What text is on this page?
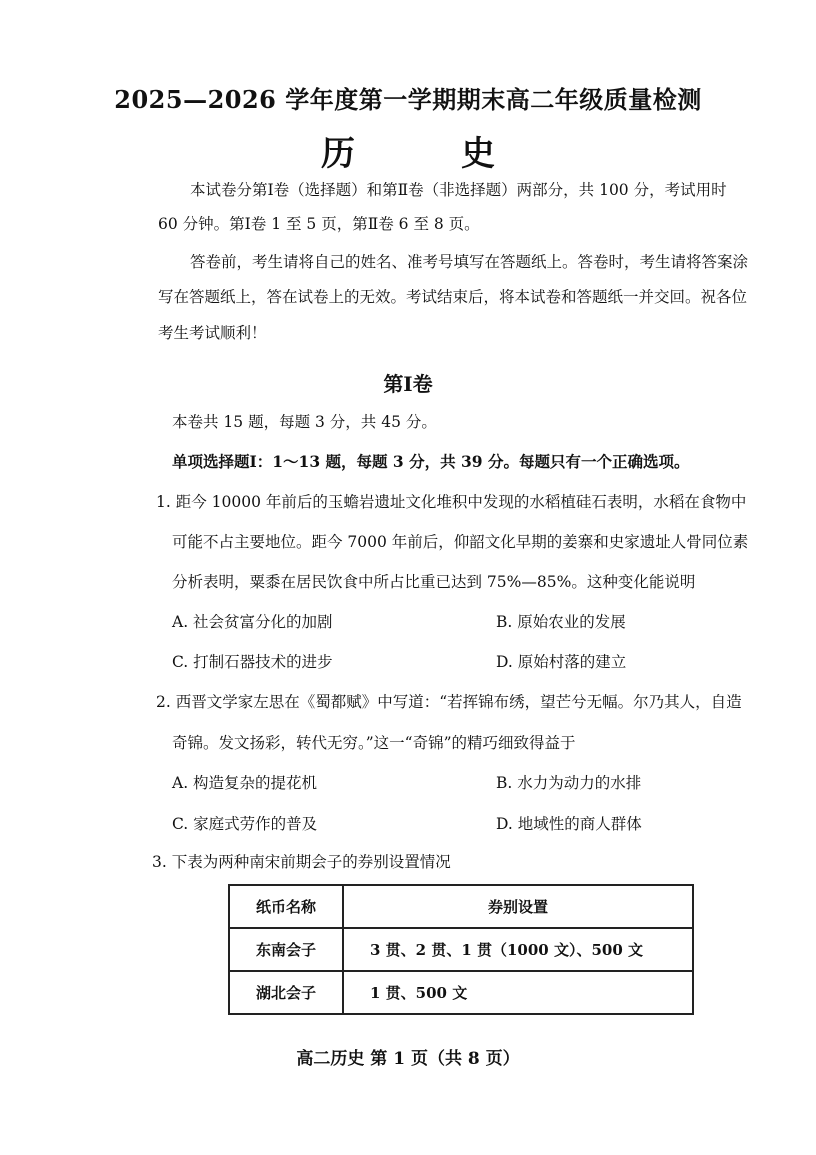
2025—2026 学年度第一学期期末高二年级质量检测
历　史
本试卷分第Ⅰ卷（选择题）和第Ⅱ卷（非选择题）两部分，共 100 分，考试用时
60 分钟。第Ⅰ卷 1 至 5 页，第Ⅱ卷 6 至 8 页。
答卷前，考生请将自己的姓名、准考号填写在答题纸上。答卷时，考生请将答案涂
写在答题纸上，答在试卷上的无效。考试结束后，将本试卷和答题纸一并交回。祝各位
考生考试顺利！
第Ⅰ卷
本卷共 15 题，每题 3 分，共 45 分。
单项选择题Ⅰ：1～13 题，每题 3 分，共 39 分。每题只有一个正确选项。
1. 距今 10000 年前后的玉蟾岩遗址文化堆积中发现的水稻植硅石表明，水稻在食物中
可能不占主要地位。距今 7000 年前后，仰韶文化早期的姜寨和史家遗址人骨同位素
分析表明，粟黍在居民饮食中所占比重已达到 75%—85%。这种变化能说明
A. 社会贫富分化的加剧	B. 原始农业的发展
C. 打制石器技术的进步	D. 原始村落的建立
2. 西晋文学家左思在《蜀都赋》中写道：“若挥锦布绣，望芒兮无幅。尔乃其人，自造
奇锦。发文扬彩，转代无穷。”这一“奇锦”的精巧细致得益于
A. 构造复杂的提花机	B. 水力为动力的水排
C. 家庭式劳作的普及	D. 地域性的商人群体
3. 下表为两种南宋前期会子的券别设置情况
纸币名称	券别设置
东南会子	3 贯、2 贯、1 贯（1000 文）、500 文
湖北会子	1 贯、500 文
高二历史 第 1 页（共 8 页）
